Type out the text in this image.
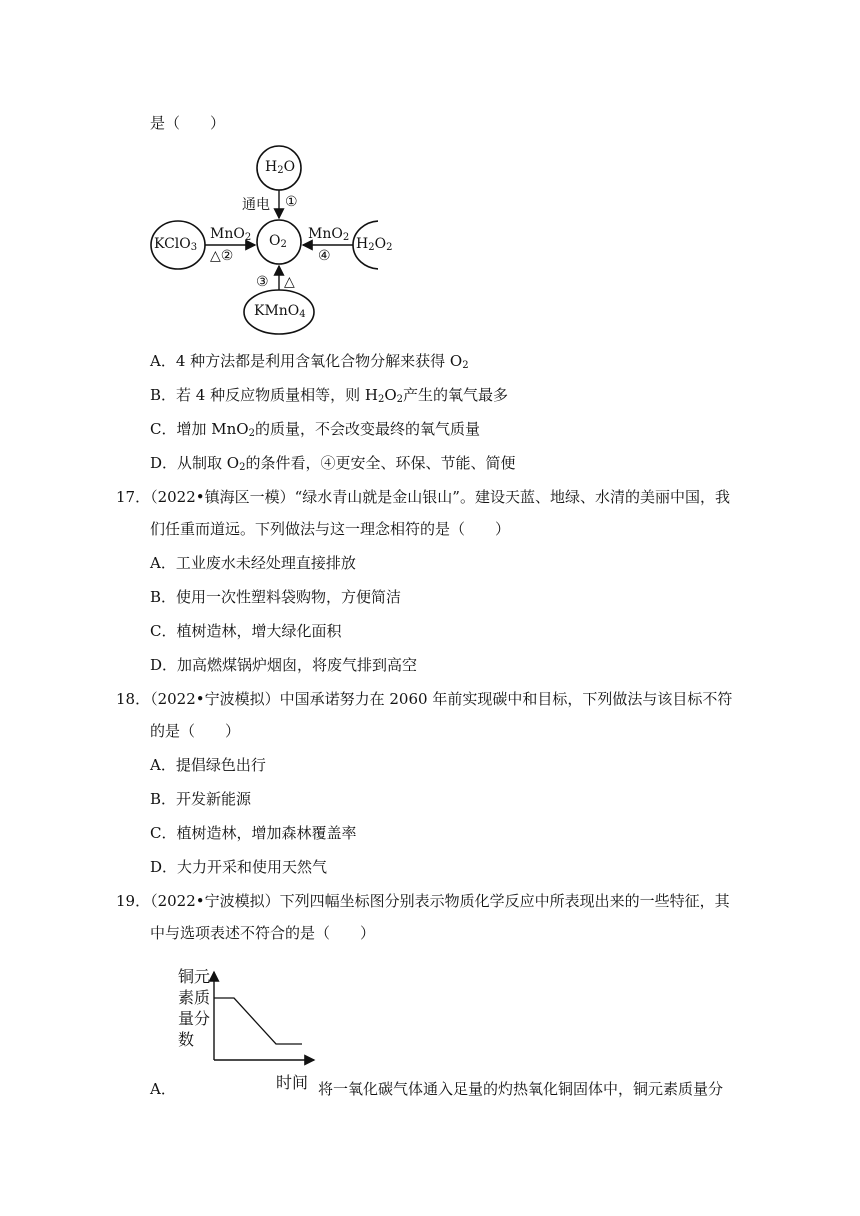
是（　　）
$H_2O$
$O_2$
KClO$_3$	$H_2O_2$
KMnO$_4$
通电 ①
MnO$_2$
△②
MnO$_2$
④
③ △
A．4 种方法都是利用含氧化合物分解来获得 $O_2$
B．若 4 种反应物质量相等，则 $H_2O_2$产生的氧气最多
C．增加 MnO$_2$的质量，不会改变最终的氧气质量
D．从制取 $O_2$的条件看，④更安全、环保、节能、简便
17．（2022•镇海区一模）“绿水青山就是金山银山”。建设天蓝、地绿、水清的美丽中国，我
们任重而道远。下列做法与这一理念相符的是（　　）
A．工业废水未经处理直接排放
B．使用一次性塑料袋购物，方便简洁
C．植树造林，增大绿化面积
D．加高燃煤锅炉烟囱，将废气排到高空
18．（2022•宁波模拟）中国承诺努力在 2060 年前实现碳中和目标，下列做法与该目标不符
的是（　　）
A．提倡绿色出行
B．开发新能源
C．植树造林，增加森林覆盖率
D．大力开采和使用天然气
19．（2022•宁波模拟）下列四幅坐标图分别表示物质化学反应中所表现出来的一些特征，其
中与选项表述不符合的是（　　）
铜元
素质
量分
数
A．	时间 将一氧化碳气体通入足量的灼热氧化铜固体中，铜元素质量分
